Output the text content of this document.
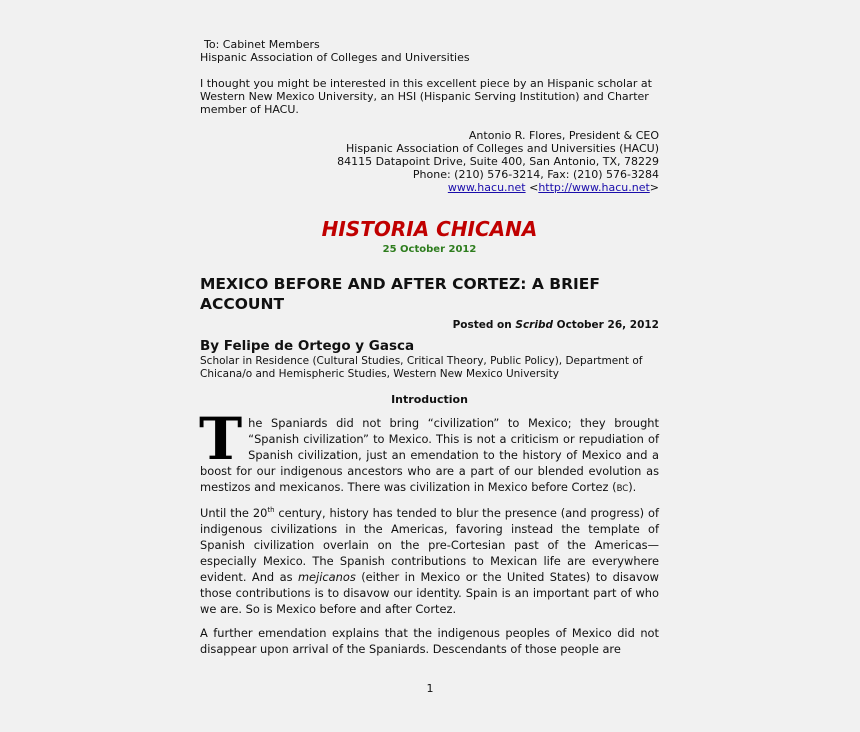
To: Cabinet Members
Hispanic Association of Colleges and Universities
I thought you might be interested in this excellent piece by an Hispanic scholar at Western New Mexico University, an HSI (Hispanic Serving Institution) and Charter member of HACU.
Antonio R. Flores, President & CEO
Hispanic Association of Colleges and Universities (HACU)
84115 Datapoint Drive, Suite 400, San Antonio, TX, 78229
Phone: (210) 576-3214, Fax: (210) 576-3284
www.hacu.net <http://www.hacu.net>
HISTORIA CHICANA
25 October 2012
MEXICO BEFORE AND AFTER CORTEZ: A BRIEF ACCOUNT
Posted on Scribd October 26, 2012
By Felipe de Ortego y Gasca
Scholar in Residence (Cultural Studies, Critical Theory, Public Policy), Department of Chicana/o and Hemispheric Studies, Western New Mexico University
Introduction

The Spaniards did not bring “civilization” to Mexico; they brought “Spanish civilization” to Mexico. This is not a criticism or repudiation of Spanish civilization, just an emendation to the history of Mexico and a boost for our indigenous ancestors who are a part of our blended evolution as mestizos and mexicanos. There was civilization in Mexico before Cortez (BC).

Until the 20th century, history has tended to blur the presence (and progress) of indigenous civilizations in the Americas, favoring instead the template of Spanish civilization overlain on the pre-Cortesian past of the Americas—especially Mexico. The Spanish contributions to Mexican life are everywhere evident. And as mejicanos (either in Mexico or the United States) to disavow those contributions is to disavow our identity. Spain is an important part of who we are. So is Mexico before and after Cortez.

A further emendation explains that the indigenous peoples of Mexico did not disappear upon arrival of the Spaniards. Descendants of those people are

1
